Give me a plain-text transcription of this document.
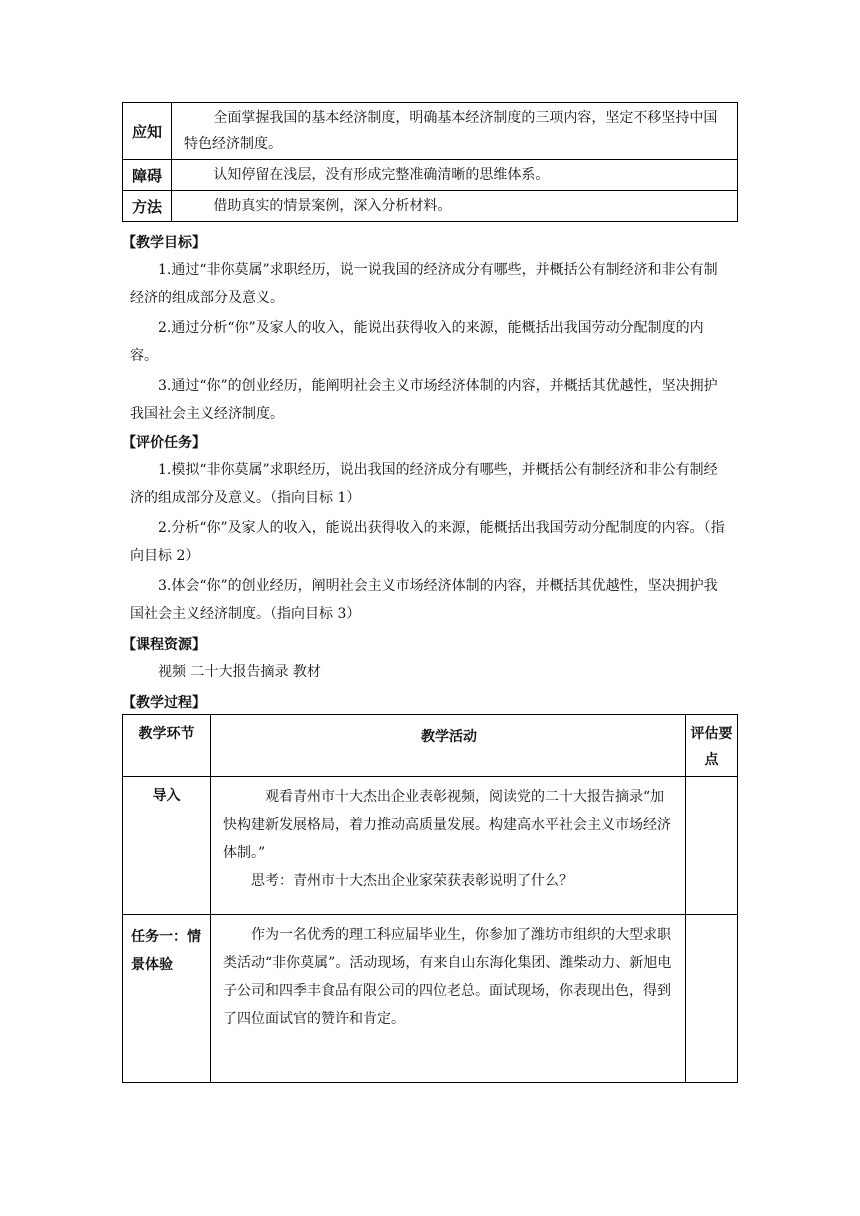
应知	全面掌握我国的基本经济制度，明确基本经济制度的三项内容，坚定不移坚持中国特色经济制度。

障碍	认知停留在浅层，没有形成完整准确清晰的思维体系。

方法	借助真实的情景案例，深入分析材料。

【教学目标】

1.通过“非你莫属”求职经历，说一说我国的经济成分有哪些，并概括公有制经济和非公有制经济的组成部分及意义。

2.通过分析“你”及家人的收入，能说出获得收入的来源，能概括出我国劳动分配制度的内容。

3.通过“你”的创业经历，能阐明社会主义市场经济体制的内容，并概括其优越性，坚决拥护我国社会主义经济制度。

【评价任务】

1.模拟“非你莫属”求职经历，说出我国的经济成分有哪些，并概括公有制经济和非公有制经济的组成部分及意义。（指向目标 1）

2.分析“你”及家人的收入，能说出获得收入的来源，能概括出我国劳动分配制度的内容。（指向目标 2）

3.体会“你”的创业经历，阐明社会主义市场经济体制的内容，并概括其优越性，坚决拥护我国社会主义经济制度。（指向目标 3）

【课程资源】

视频 二十大报告摘录 教材

【教学过程】
教学环节	教学活动	评估要点
导入	观看青州市十大杰出企业表彰视频，阅读党的二十大报告摘录“加快构建新发展格局，着力推动高质量发展。构建高水平社会主义市场经济体制。”

思考：青州市十大杰出企业家荣获表彰说明了什么？	

任务一：情景体验	作为一名优秀的理工科应届毕业生，你参加了潍坊市组织的大型求职类活动“非你莫属”。活动现场，有来自山东海化集团、潍柴动力、新旭电子公司和四季丰食品有限公司的四位老总。面试现场，你表现出色，得到了四位面试官的赞许和肯定。	
